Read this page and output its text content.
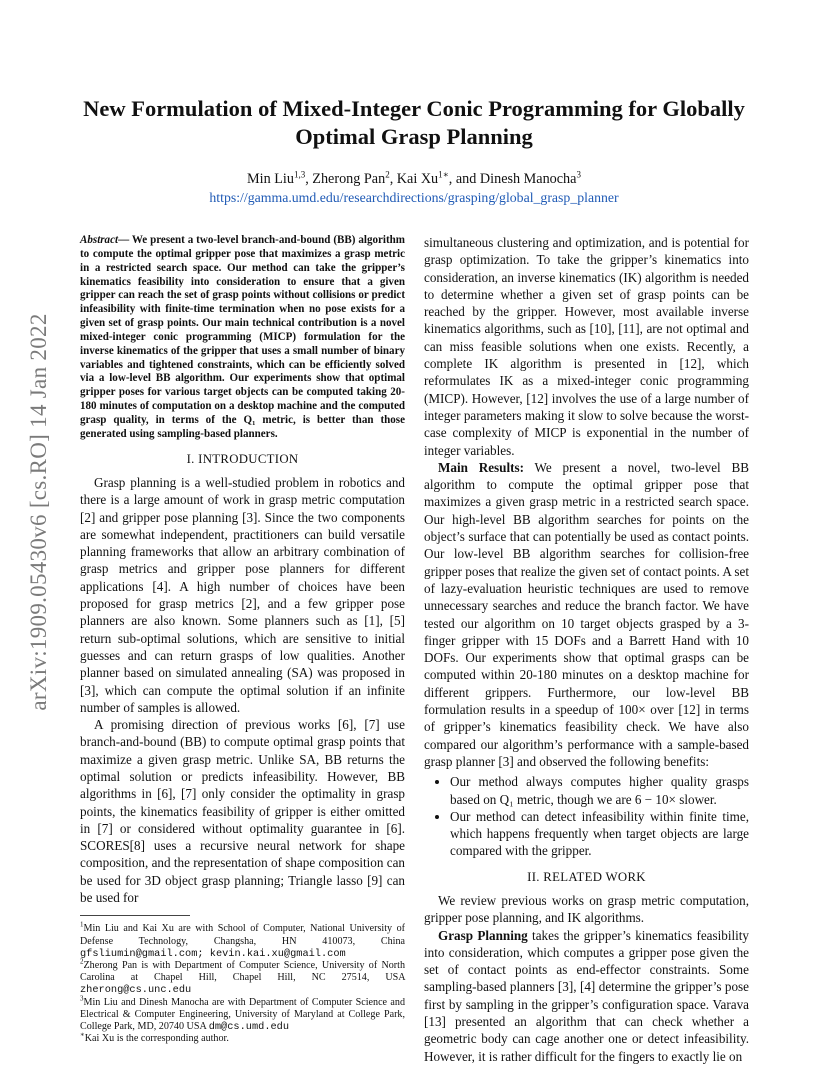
arXiv:1909.05430v6 [cs.RO] 14 Jan 2022
New Formulation of Mixed-Integer Conic Programming for Globally Optimal Grasp Planning
Min Liu$^{1,3}$, Zherong Pan$^2$, Kai $Xu^{1∗}$, and Dinesh Manocha$^3$
https://gamma.umd.edu/researchdirections/grasping/global_grasp_planner

Abstract— We present a two-level branch-and-bound (BB) algorithm to compute the optimal gripper pose that maximizes a grasp metric in a restricted search space. Our method can take the gripper’s kinematics feasibility into consideration to ensure that a given gripper can reach the set of grasp points without collisions or predict infeasibility with finite-time termination when no pose exists for a given set of grasp points. Our main technical contribution is a novel mixed-integer conic programming (MICP) formulation for the inverse kinematics of the gripper that uses a small number of binary variables and tightened constraints, which can be efficiently solved via a low-level BB algorithm. Our experiments show that optimal gripper poses for various target objects can be computed taking 20-180 minutes of computation on a desktop machine and the computed grasp quality, in terms of the Q₁ metric, is better than those generated using sampling-based planners.

I. INTRODUCTION

Grasp planning is a well-studied problem in robotics and there is a large amount of work in grasp metric computation [2] and gripper pose planning [3]. Since the two components are somewhat independent, practitioners can build versatile planning frameworks that allow an arbitrary combination of grasp metrics and gripper pose planners for different applications [4]. A high number of choices have been proposed for grasp metrics [2], and a few gripper pose planners are also known. Some planners such as [1], [5] return sub-optimal solutions, which are sensitive to initial guesses and can return grasps of low qualities. Another planner based on simulated annealing (SA) was proposed in [3], which can compute the optimal solution if an infinite number of samples is allowed.

A promising direction of previous works [6], [7] use branch-and-bound (BB) to compute optimal grasp points that maximize a given grasp metric. Unlike SA, BB returns the optimal solution or predicts infeasibility. However, BB algorithms in [6], [7] only consider the optimality in grasp points, the kinematics feasibility of gripper is either omitted in [7] or considered without optimality guarantee in [6]. SCORES[8] uses a recursive neural network for shape composition, and the representation of shape composition can be used for 3D object grasp planning; Triangle lasso [9] can be used for

$^1$Min Liu and Kai Xu are with School of Computer, National University of Defense Technology, Changsha, HN 410073, China gfsliumin@gmail.com; kevin.kai.xu@gmail.com
$^2$Zherong Pan is with Department of Computer Science, University of North Carolina at Chapel Hill, Chapel Hill, NC 27514, USA zherong@cs.unc.edu
$^3$Min Liu and Dinesh Manocha are with Department of Computer Science and Electrical & Computer Engineering, University of Maryland at College Park, College Park, MD, 20740 USA dm@cs.umd.edu
∗Kai Xu is the corresponding author.

simultaneous clustering and optimization, and is potential for grasp optimization. To take the gripper’s kinematics into consideration, an inverse kinematics (IK) algorithm is needed to determine whether a given set of grasp points can be reached by the gripper. However, most available inverse kinematics algorithms, such as [10], [11], are not optimal and can miss feasible solutions when one exists. Recently, a complete IK algorithm is presented in [12], which reformulates IK as a mixed-integer conic programming (MICP). However, [12] involves the use of a large number of integer parameters making it slow to solve because the worst-case complexity of MICP is exponential in the number of integer variables.

Main Results: We present a novel, two-level BB algorithm to compute the optimal gripper pose that maximizes a given grasp metric in a restricted search space. Our high-level BB algorithm searches for points on the object’s surface that can potentially be used as contact points. Our low-level BB algorithm searches for collision-free gripper poses that realize the given set of contact points. A set of lazy-evaluation heuristic techniques are used to remove unnecessary searches and reduce the branch factor. We have tested our algorithm on 10 target objects grasped by a 3-finger gripper with 15 DOFs and a Barrett Hand with 10 DOFs. Our experiments show that optimal grasps can be computed within 20-180 minutes on a desktop machine for different grippers. Furthermore, our low-level BB formulation results in a speedup of 100× over [12] in terms of gripper’s kinematics feasibility check. We have also compared our algorithm’s performance with a sample-based grasp planner [3] and observed the following benefits:

• Our method always computes higher quality grasps based on Q₁ metric, though we are 6 − 10× slower.
• Our method can detect infeasibility within finite time, which happens frequently when target objects are large compared with the gripper.
II. RELATED WORK

We review previous works on grasp metric computation, gripper pose planning, and IK algorithms.

Grasp Planning takes the gripper’s kinematics feasibility into consideration, which computes a gripper pose given the set of contact points as end-effector constraints. Some sampling-based planners [3], [4] determine the gripper’s pose first by sampling in the gripper’s configuration space. Varava [13] presented an algorithm that can check whether a geometric body can cage another one or detect infeasibility. However, it is rather difficult for the fingers to exactly lie on
